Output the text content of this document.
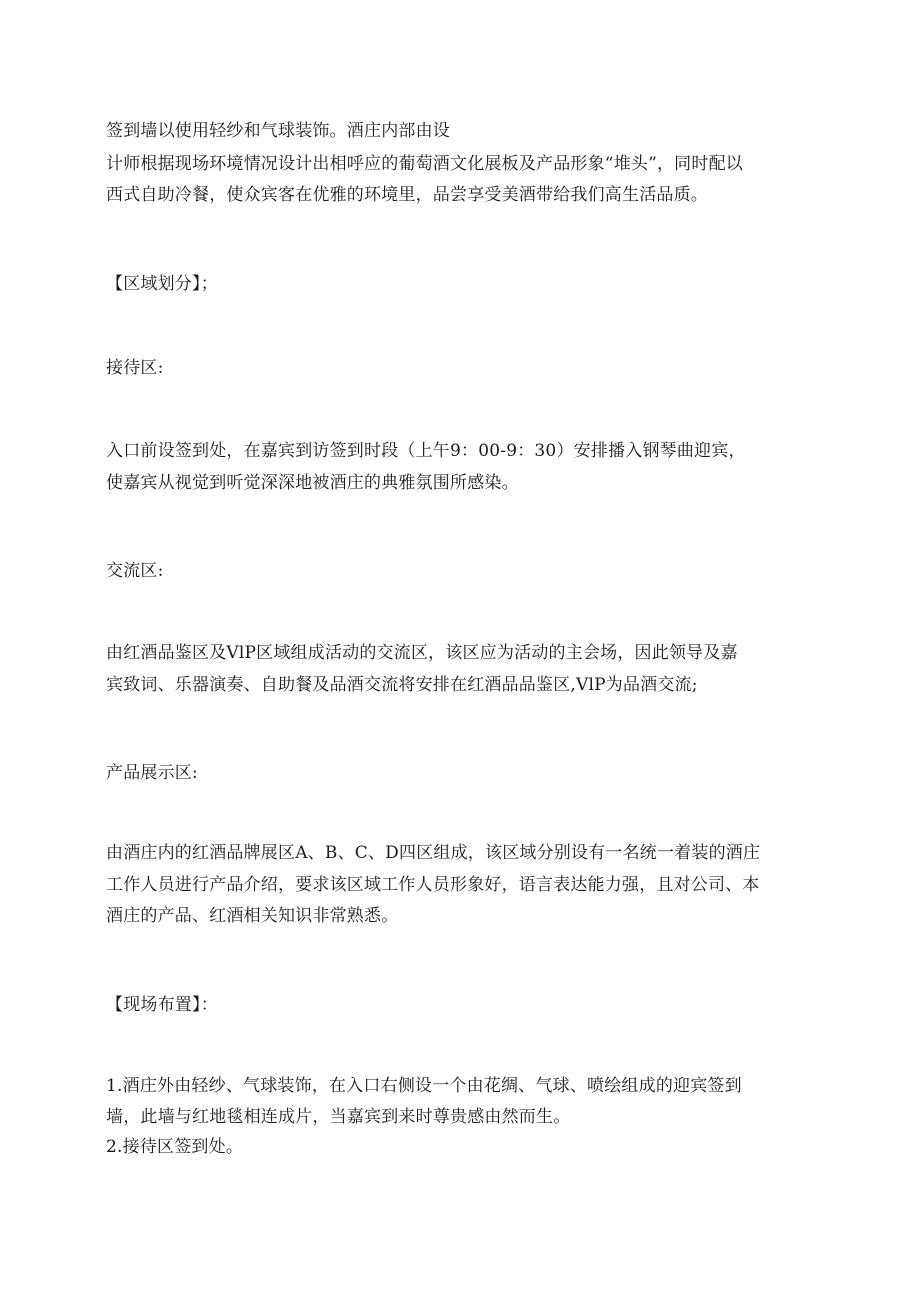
签到墙以使用轻纱和气球装饰。酒庄内部由设
计师根据现场环境情况设计出相呼应的葡萄酒文化展板及产品形象“堆头”，同时配以
西式自助冷餐，使众宾客在优雅的环境里，品尝享受美酒带给我们高生活品质。
【区域划分】；
接待区:
入口前设签到处，在嘉宾到访签到时段（上午9：00-9：30）安排播入钢琴曲迎宾，
使嘉宾从视觉到听觉深深地被酒庄的典雅氛围所感染。
交流区:
由红酒品鉴区及VlP区域组成活动的交流区，该区应为活动的主会场，因此领导及嘉
宾致词、乐器演奏、自助餐及品酒交流将安排在红酒品品鉴区,VlP为品酒交流;
产品展示区:
由酒庄内的红酒品牌展区A、B、C、D四区组成，该区域分别设有一名统一着装的酒庄
工作人员进行产品介绍，要求该区域工作人员形象好，语言表达能力强，且对公司、本
酒庄的产品、红酒相关知识非常熟悉。
【现场布置】：
1.酒庄外由轻纱、气球装饰，在入口右侧设一个由花绸、气球、喷绘组成的迎宾签到
墙，此墙与红地毯相连成片，当嘉宾到来时尊贵感由然而生。
2.接待区签到处。
